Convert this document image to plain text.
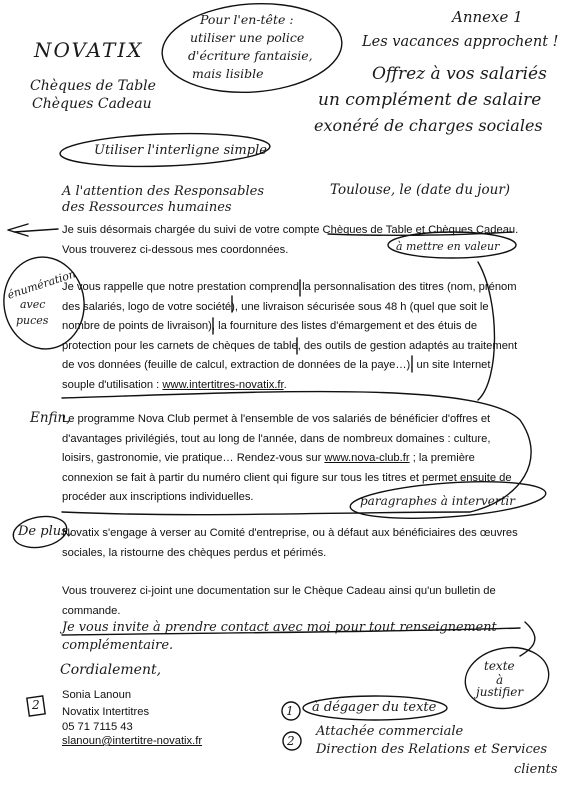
Annexe 1
NOVATIX
Chèques de Table
Chèques Cadeau
Pour l'en-tête :
utiliser une police
d'écriture fantaisie,
mais lisible
Les vacances approchent !
Offrez à vos salariés
un complément de salaire
exonéré de charges sociales
Utiliser l'interligne simple
A l'attention des Responsables
des Ressources humaines
Toulouse, le (date du jour)
Je suis désormais chargée du suivi de votre compte Chèques de Table et Chèques Cadeau.
Vous trouverez ci-dessous mes coordonnées.	à mettre en valeur
énumération
avec
puces
Je vous rappelle que notre prestation comprend la personnalisation des titres (nom, prénom
des salariés, logo de votre société), une livraison sécurisée sous 48 h (quel que soit le
nombre de points de livraison), la fourniture des listes d'émargement et des étuis de
protection pour les carnets de chèques de table, des outils de gestion adaptés au traitement
de vos données (feuille de calcul, extraction de données de la paye…), un site Internet
souple d'utilisation : www.intertitres-novatix.fr.
Enfin,
Le programme Nova Club permet à l'ensemble de vos salariés de bénéficier d'offres et
d'avantages privilégiés, tout au long de l'année, dans de nombreux domaines : culture,
loisirs, gastronomie, vie pratique… Rendez-vous sur www.nova-club.fr ; la première
connexion se fait à partir du numéro client qui figure sur tous les titres et permet ensuite de
procéder aux inscriptions individuelles.	paragraphes à intervertir
De plus,
Novatix s'engage à verser au Comité d'entreprise, ou à défaut aux bénéficiaires des œuvres
sociales, la ristourne des chèques perdus et périmés.
Vous trouverez ci-joint une documentation sur le Chèque Cadeau ainsi qu'un bulletin de
commande.
Je vous invite à prendre contact avec moi pour tout renseignement
complémentaire.
Cordialement,	texte
à
justifier
Sonia Lanoun
Novatix Intertitres
05 71 7115 43
slanoun@intertitre-novatix.fr
1 à dégager du texte
2
2
Attachée commerciale
Direction des Relations et Services
clients
